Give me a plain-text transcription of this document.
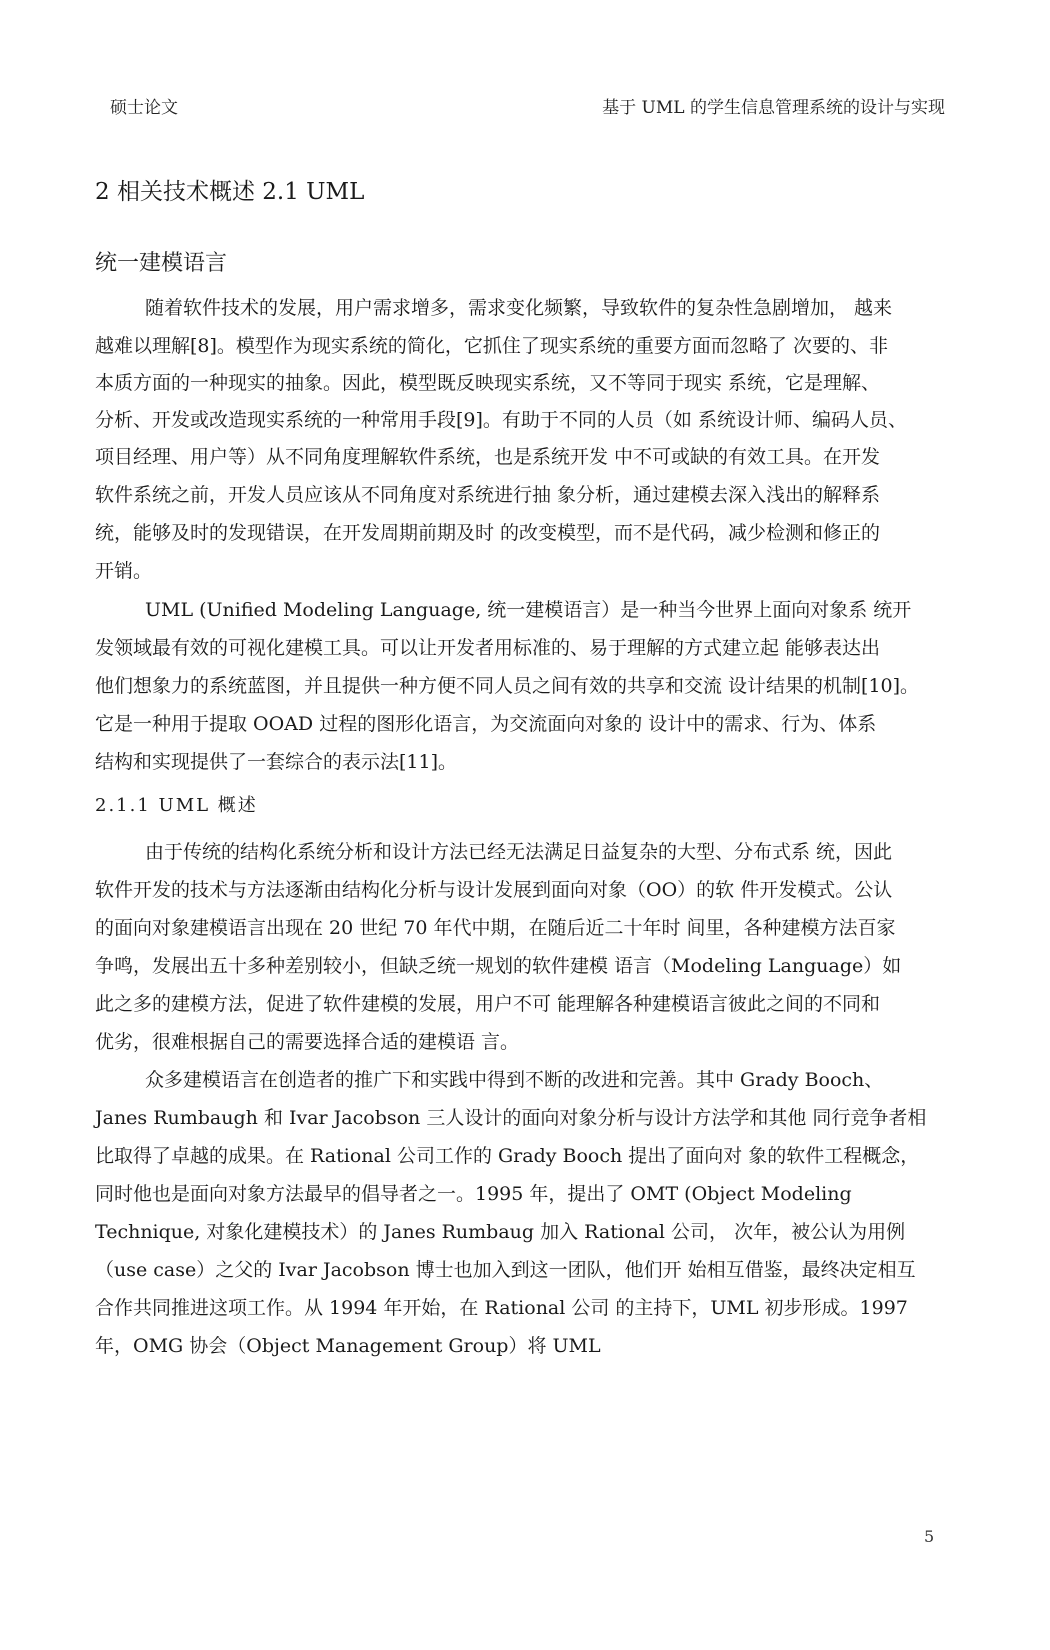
硕士论文	基于 UML 的学生信息管理系统的设计与实现
2 相关技术概述 2.1 UML
统一建模语言
随着软件技术的发展，用户需求增多，需求变化频繁，导致软件的复杂性急剧增加， 越来
越难以理解[8]。模型作为现实系统的简化，它抓住了现实系统的重要方面而忽略了 次要的、非
本质方面的一种现实的抽象。因此，模型既反映现实系统，又不等同于现实 系统，它是理解、
分析、开发或改造现实系统的一种常用手段[9]。有助于不同的人员（如 系统设计师、编码人员、
项目经理、用户等）从不同角度理解软件系统，也是系统开发 中不可或缺的有效工具。在开发
软件系统之前，开发人员应该从不同角度对系统进行抽 象分析，通过建模去深入浅出的解释系
统，能够及时的发现错误，在开发周期前期及时 的改变模型，而不是代码，减少检测和修正的
开销。
UML (Unified Modeling Language, 统一建模语言）是一种当今世界上面向对象系 统开
发领域最有效的可视化建模工具。可以让开发者用标准的、易于理解的方式建立起 能够表达出
他们想象力的系统蓝图，并且提供一种方便不同人员之间有效的共享和交流 设计结果的机制[10]。
它是一种用于提取 OOAD 过程的图形化语言，为交流面向对象的 设计中的需求、行为、体系
结构和实现提供了一套综合的表示法[11]。
2.1.1 UML 概述
由于传统的结构化系统分析和设计方法已经无法满足日益复杂的大型、分布式系 统，因此
软件开发的技术与方法逐渐由结构化分析与设计发展到面向对象（OO）的软 件开发模式。公认
的面向对象建模语言出现在 20 世纪 70 年代中期，在随后近二十年时 间里，各种建模方法百家
争鸣，发展出五十多种差别较小，但缺乏统一规划的软件建模 语言（Modeling Language）如
此之多的建模方法，促进了软件建模的发展，用户不可 能理解各种建模语言彼此之间的不同和
优劣，很难根据自己的需要选择合适的建模语 言。
众多建模语言在创造者的推广下和实践中得到不断的改进和完善。其中 Grady Booch、
Janes Rumbaugh 和 Ivar Jacobson 三人设计的面向对象分析与设计方法学和其他 同行竞争者相
比取得了卓越的成果。在 Rational 公司工作的 Grady Booch 提出了面向对 象的软件工程概念，
同时他也是面向对象方法最早的倡导者之一。1995 年，提出了 OMT (Object Modeling
Technique, 对象化建模技术）的 Janes Rumbaug 加入 Rational 公司， 次年，被公认为用例
（use case）之父的 Ivar Jacobson 博士也加入到这一团队，他们开 始相互借鉴，最终决定相互
合作共同推进这项工作。从 1994 年开始，在 Rational 公司 的主持下，UML 初步形成。1997
年，OMG 协会（Object Management Group）将 UML
5
